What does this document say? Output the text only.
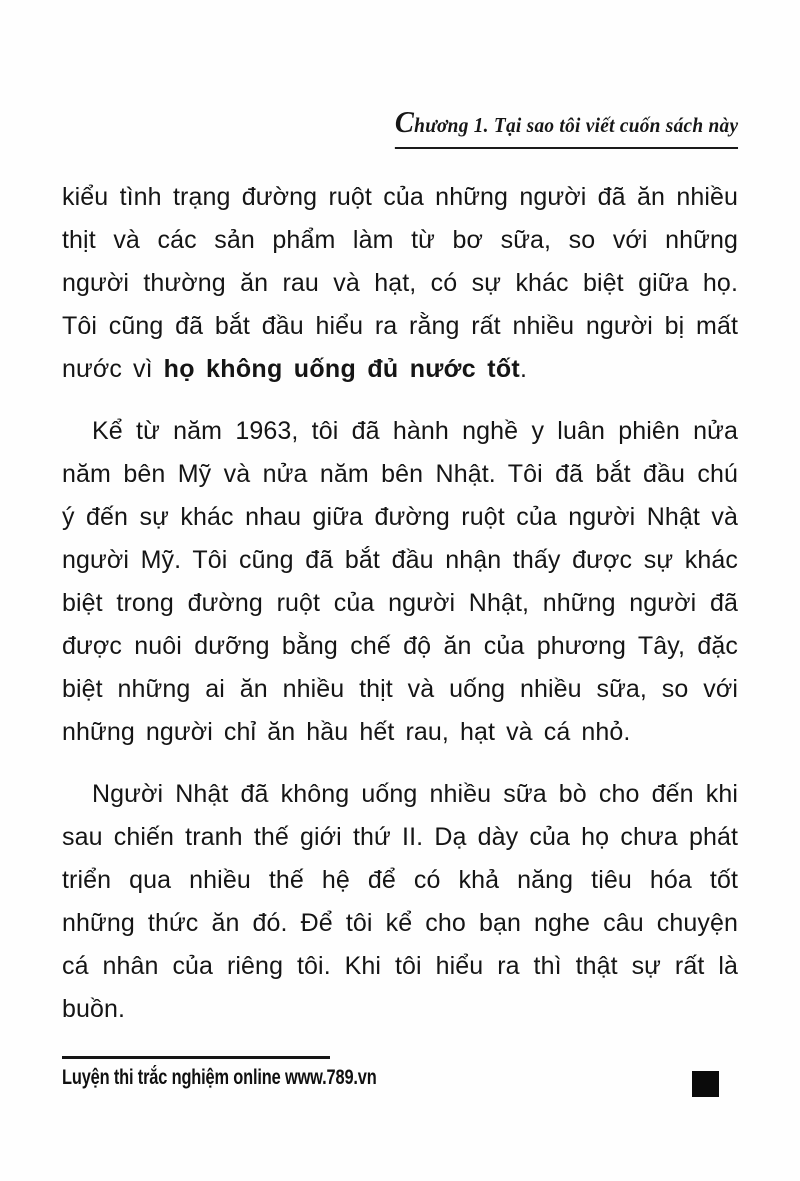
Chương 1. Tại sao tôi viết cuốn sách này

kiểu tình trạng đường ruột của những người đã ăn nhiều thịt và các sản phẩm làm từ bơ sữa, so với những người thường ăn rau và hạt, có sự khác biệt giữa họ. Tôi cũng đã bắt đầu hiểu ra rằng rất nhiều người bị mất nước vì họ không uống đủ nước tốt.

Kể từ năm 1963, tôi đã hành nghề y luân phiên nửa năm bên Mỹ và nửa năm bên Nhật. Tôi đã bắt đầu chú ý đến sự khác nhau giữa đường ruột của người Nhật và người Mỹ. Tôi cũng đã bắt đầu nhận thấy được sự khác biệt trong đường ruột của người Nhật, những người đã được nuôi dưỡng bằng chế độ ăn của phương Tây, đặc biệt những ai ăn nhiều thịt và uống nhiều sữa, so với những người chỉ ăn hầu hết rau, hạt và cá nhỏ.

Người Nhật đã không uống nhiều sữa bò cho đến khi sau chiến tranh thế giới thứ II. Dạ dày của họ chưa phát triển qua nhiều thế hệ để có khả năng tiêu hóa tốt những thức ăn đó. Để tôi kể cho bạn nghe câu chuyện cá nhân của riêng tôi. Khi tôi hiểu ra thì thật sự rất là buồn.

Luyện thi trắc nghiệm online www.789.vn
